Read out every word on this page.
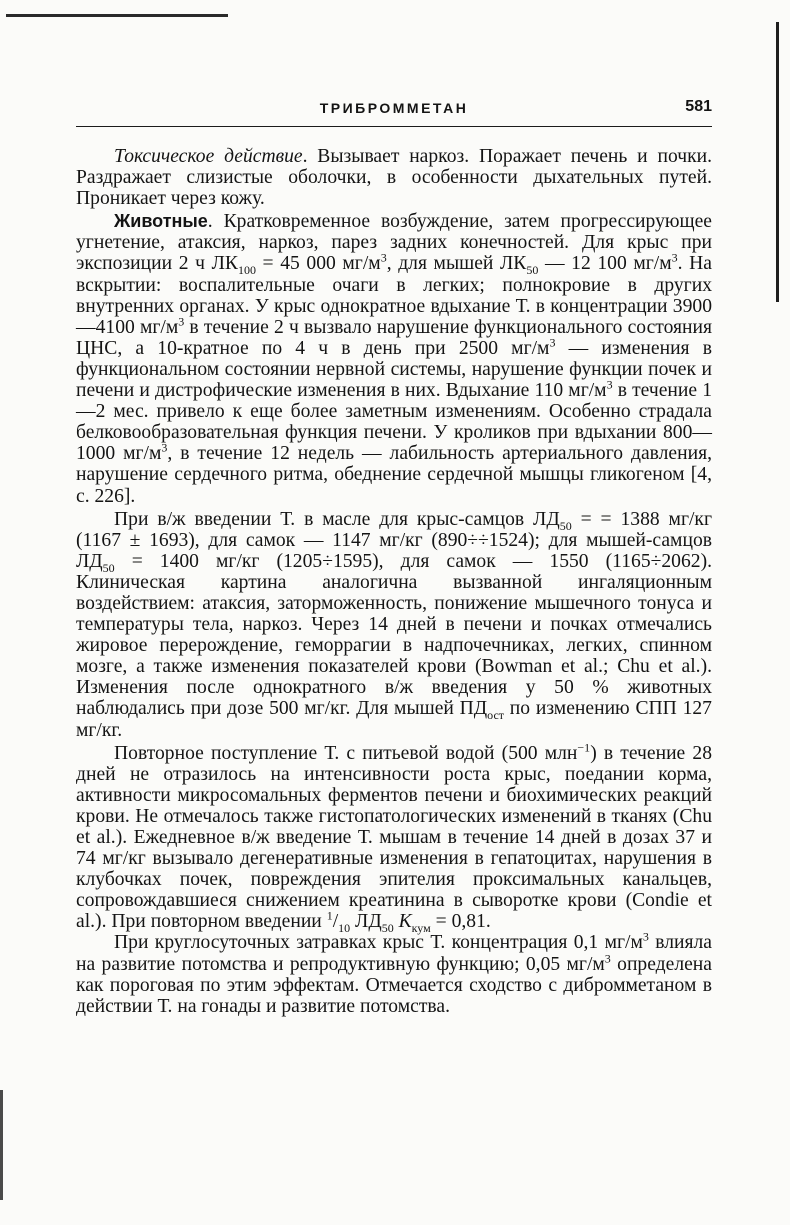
ТРИБРОММЕТАН	581

Токсическое действие. Вызывает наркоз. Поражает печень и почки. Раздражает слизистые оболочки, в особенности дыхательных путей. Проникает через кожу.

Животные. Кратковременное возбуждение, затем прогрессирующее угнетение, атаксия, наркоз, парез задних конечностей. Для крыс при экспозиции 2 ч $ЛК_{100} = 45$ 000 $мг/м^3$, для мышей $ЛК_{50}$ — 12 100 $мг/м^3$. На вскрытии: воспалительные очаги в легких; полнокровие в других внутренних органах. У крыс однократное вдыхание Т. в концентрации 3900—4100 $мг/м^3$ в течение 2 ч вызвало нарушение функционального состояния ЦНС, а 10-кратное по 4 ч в день при 2500 $мг/м^3$ — изменения в функциональном состоянии нервной системы, нарушение функции почек и печени и дистрофические изменения в них. Вдыхание 110 $мг/м^3$ в течение 1—2 мес. привело к еще более заметным изменениям. Особенно страдала белковообразовательная функция печени. У кроликов при вдыхании 800—1000 $мг/м^3$, в течение 12 недель — лабильность артериального давления, нарушение сердечного ритма, обеднение сердечной мышцы гликогеном [4, с. 226].

При в/ж введении Т. в масле для крыс-самцов $ЛД_{50}$ = = 1388 мг/кг (1167 ± 1693), для самок — 1147 мг/кг (890÷÷1524); для мышей-самцов $ЛД_{50} = 1400$ мг/кг (1205÷1595), для самок — 1550 (1165÷2062). Клиническая картина аналогична вызванной ингаляционным воздействием: атаксия, заторможенность, понижение мышечного тонуса и температуры тела, наркоз. Через 14 дней в печени и почках отмечались жировое перерождение, геморрагии в надпочечниках, легких, спинном мозге, а также изменения показателей крови (Bowman et al.; Chu et al.). Изменения после однократного в/ж введения у 50 % животных наблюдались при дозе 500 мг/кг. Для мышей $ПД_{ост}$ по изменению СПП 127 мг/кг.

Повторное поступление Т. с питьевой водой (500 млн$^{-1}$) в течение 28 дней не отразилось на интенсивности роста крыс, поедании корма, активности микросомальных ферментов печени и биохимических реакций крови. Не отмечалось также гистопатологических изменений в тканях (Chu et al.). Ежедневное в/ж введение Т. мышам в течение 14 дней в дозах 37 и 74 мг/кг вызывало дегенеративные изменения в гепатоцитах, нарушения в клубочках почек, повреждения эпителия проксимальных канальцев, сопровождавшиеся снижением креатинина в сыворотке крови (Condie et al.). При повторном введении $^1/_{10}$ $ЛД_{50}$ $К_{кум} = 0,81$.

При круглосуточных затравках крыс Т. концентрация 0,1 $мг/м^3$ влияла на развитие потомства и репродуктивную функцию; 0,05 $мг/м^3$ определена как пороговая по этим эффектам. Отмечается сходство с дибромметаном в действии Т. на гонады и развитие потомства.
